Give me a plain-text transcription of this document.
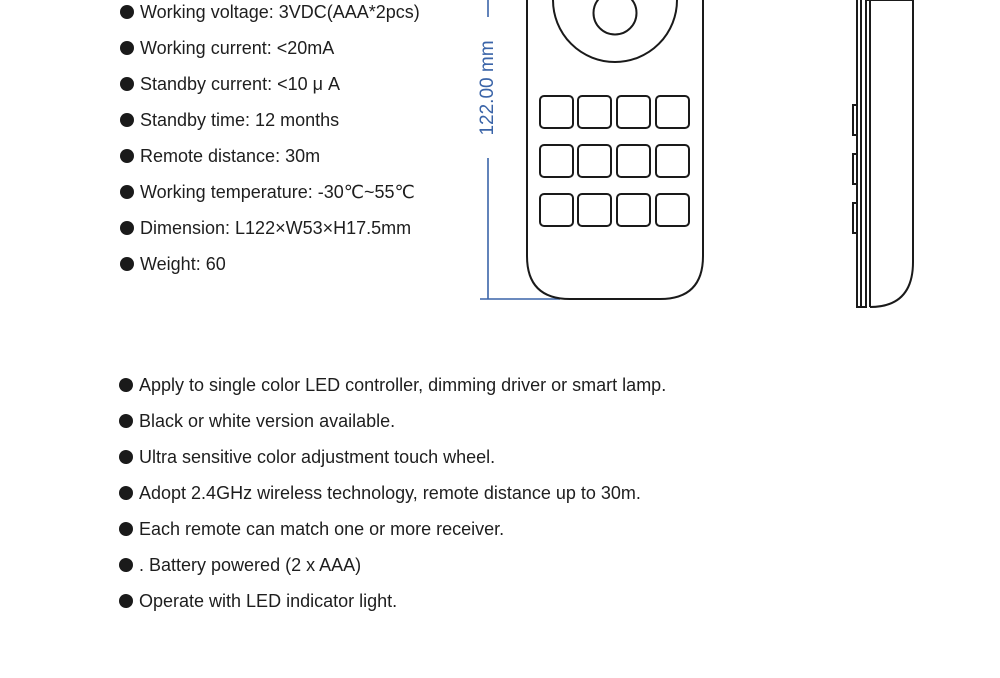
Working voltage: 3VDC(AAA*2pcs)
Working current: <20mA
Standby current: <10 μ A
Standby time: 12 months
Remote distance: 30m
Working temperature: -30℃~55℃
Dimension: L122×W53×H17.5mm
Weight: 60
122.00 mm
Apply to single color LED controller, dimming driver or smart lamp.
Black or white version available.
Ultra sensitive color adjustment touch wheel.
Adopt 2.4GHz wireless technology, remote distance up to 30m.
Each remote can match one or more receiver.
. Battery powered (2 x AAA)
Operate with LED indicator light.
